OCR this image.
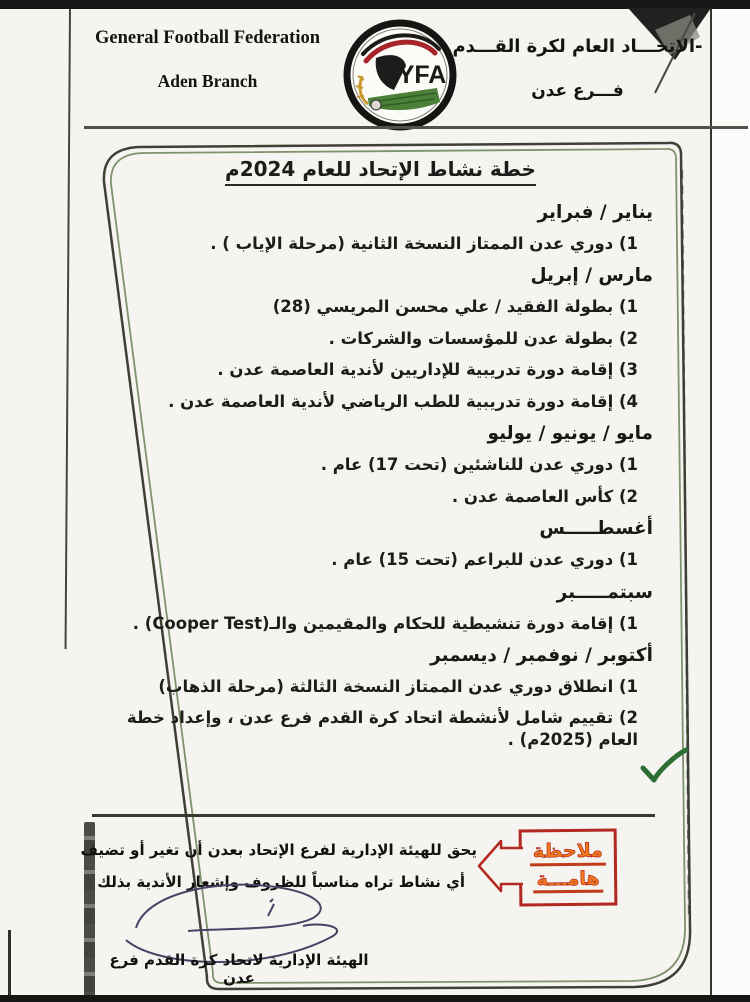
General Football Federation
Aden Branch	YFA
-الاتحـــاد العام لكرة القـــدم
فـــرع عدن
خطة نشاط الإتحاد للعام 2024م
يناير / فبراير
1) دوري عدن الممتاز النسخة الثانية (مرحلة الإياب ) .
مارس / إبريل
1) بطولة الفقيد / علي محسن المريسي (28)
2) بطولة عدن للمؤسسات والشركات .
3) إقامة دورة تدريبية للإداريين لأندية العاصمة عدن .
4) إقامة دورة تدريبية للطب الرياضي لأندية العاصمة عدن .
مايو / يونيو / يوليو
1) دوري عدن للناشئين (تحت 17) عام .
2) كأس العاصمة عدن .
أغسطـــــس
1) دوري عدن للبراعم (تحت 15) عام .
سبتمـــــبر
1) إقامة دورة تنشيطية للحكام والمقيمين والـ(Cooper Test) .
أكتوبر / نوفمبر / ديسمبر
1) انطلاق دوري عدن الممتاز النسخة الثالثة (مرحلة الذهاب)
2) تقييم شامل لأنشطة اتحاد كرة القدم فرع عدن ، وإعداد خطة العام (2025م) .
ملاحظة
هامـــة
يحق للهيئة الإدارية لفرع الإتحاد بعدن أن تغير أو تضيف
أي نشاط تراه مناسباً للظروف وإشعار الأندية بذلك
الهيئة الإدارية لاتحاد كرة القدم فرع عدن
